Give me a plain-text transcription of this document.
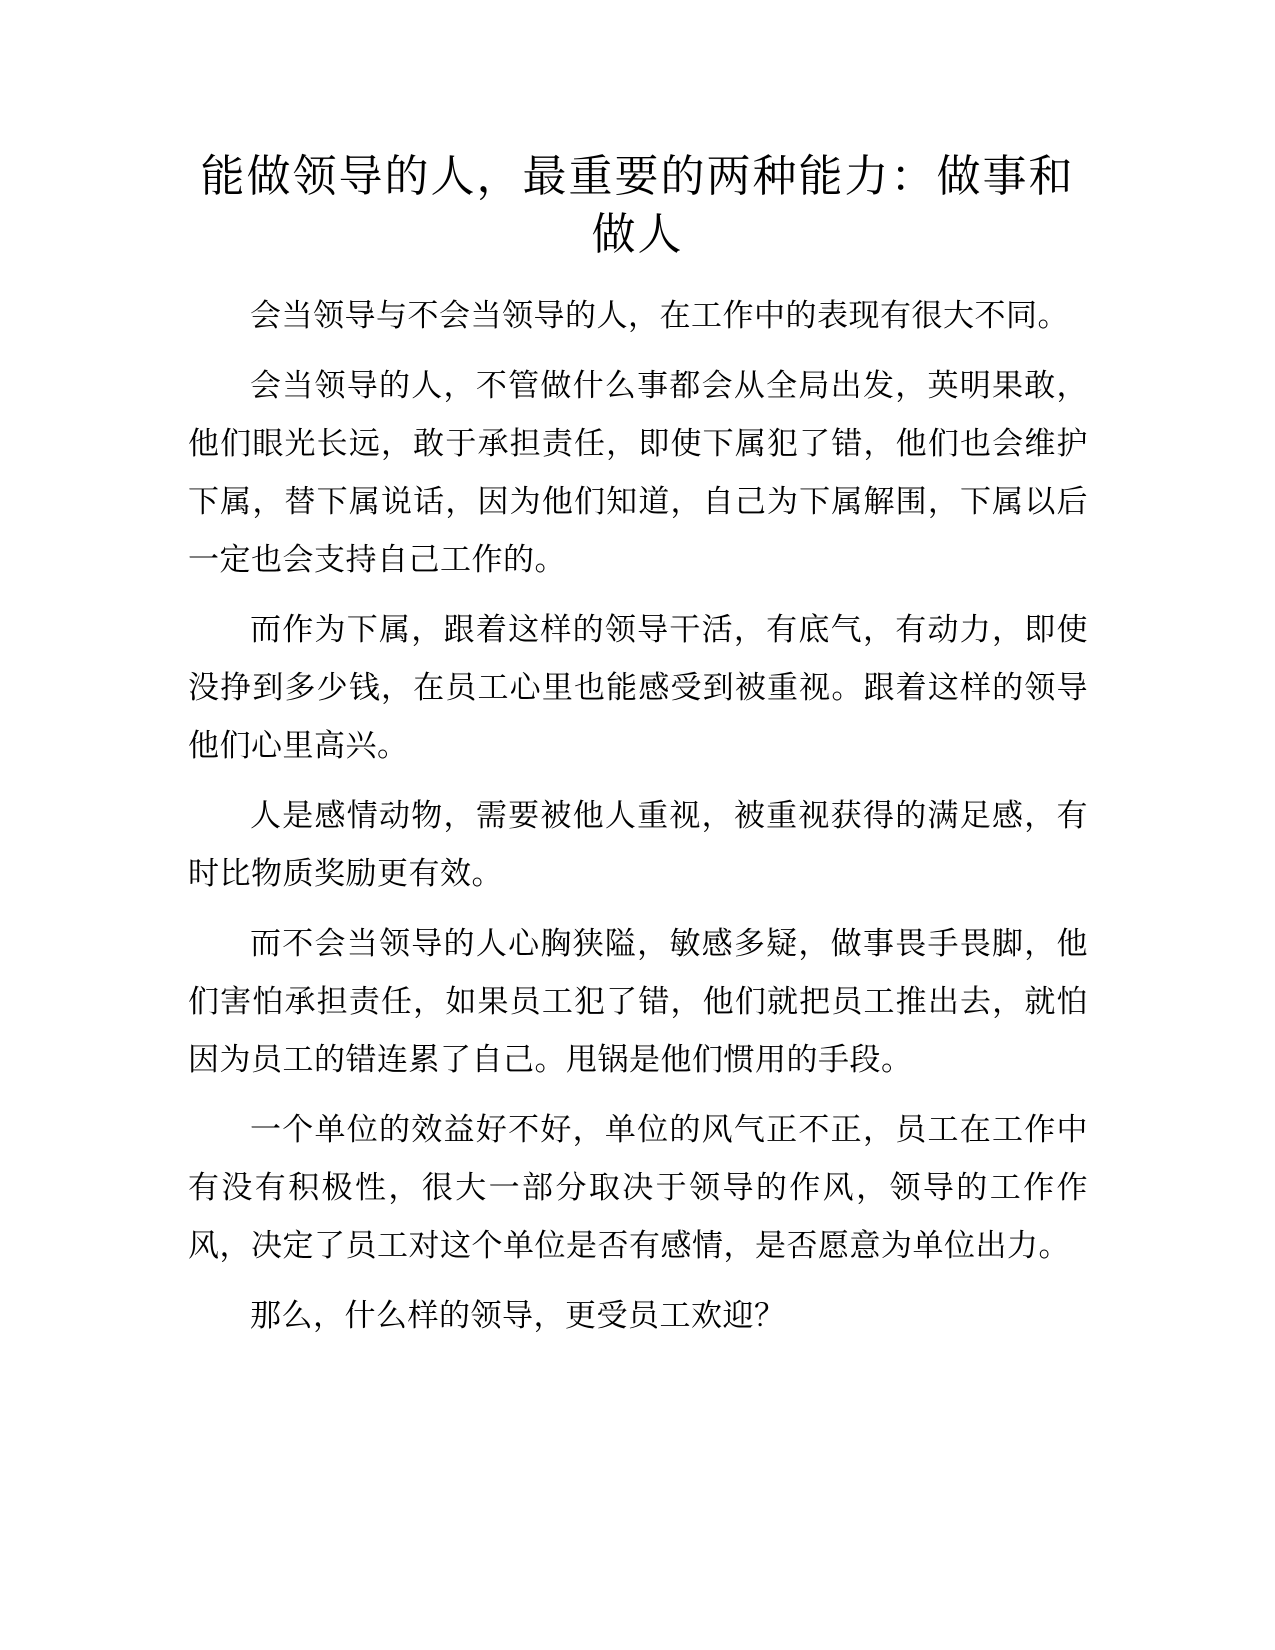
能做领导的人，最重要的两种能力：做事和做人

会当领导与不会当领导的人，在工作中的表现有很大不同。

会当领导的人，不管做什么事都会从全局出发，英明果敢，他们眼光长远，敢于承担责任，即使下属犯了错，他们也会维护下属，替下属说话，因为他们知道，自己为下属解围，下属以后一定也会支持自己工作的。

而作为下属，跟着这样的领导干活，有底气，有动力，即使没挣到多少钱，在员工心里也能感受到被重视。跟着这样的领导他们心里高兴。

人是感情动物，需要被他人重视，被重视获得的满足感，有时比物质奖励更有效。

而不会当领导的人心胸狭隘，敏感多疑，做事畏手畏脚，他们害怕承担责任，如果员工犯了错，他们就把员工推出去，就怕因为员工的错连累了自己。甩锅是他们惯用的手段。

一个单位的效益好不好，单位的风气正不正，员工在工作中有没有积极性，很大一部分取决于领导的作风，领导的工作作风，决定了员工对这个单位是否有感情，是否愿意为单位出力。

那么，什么样的领导，更受员工欢迎？
